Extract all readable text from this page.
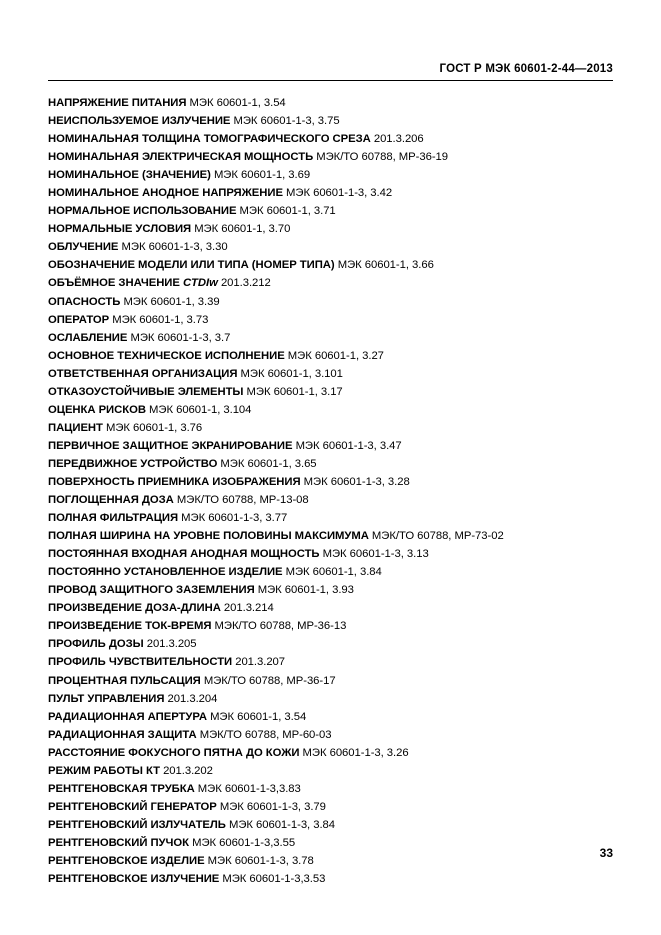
ГОСТ Р МЭК 60601-2-44—2013
НАПРЯЖЕНИЕ ПИТАНИЯ МЭК 60601-1, 3.54
НЕИСПОЛЬЗУЕМОЕ ИЗЛУЧЕНИЕ МЭК 60601-1-3, 3.75
НОМИНАЛЬНАЯ ТОЛЩИНА ТОМОГРАФИЧЕСКОГО СРЕЗА 201.3.206
НОМИНАЛЬНАЯ ЭЛЕКТРИЧЕСКАЯ МОЩНОСТЬ МЭК/ТО 60788, МР-36-19
НОМИНАЛЬНОЕ (ЗНАЧЕНИЕ) МЭК 60601-1, 3.69
НОМИНАЛЬНОЕ АНОДНОЕ НАПРЯЖЕНИЕ МЭК 60601-1-3, 3.42
НОРМАЛЬНОЕ ИСПОЛЬЗОВАНИЕ МЭК 60601-1, 3.71
НОРМАЛЬНЫЕ УСЛОВИЯ МЭК 60601-1, 3.70
ОБЛУЧЕНИЕ МЭК 60601-1-3, 3.30
ОБОЗНАЧЕНИЕ МОДЕЛИ ИЛИ ТИПА (НОМЕР ТИПА) МЭК 60601-1, 3.66
ОБЪЁМНОЕ ЗНАЧЕНИЕ CTDIw 201.3.212
ОПАСНОСТЬ МЭК 60601-1, 3.39
ОПЕРАТОР МЭК 60601-1, 3.73
ОСЛАБЛЕНИЕ МЭК 60601-1-3, 3.7
ОСНОВНОЕ ТЕХНИЧЕСКОЕ ИСПОЛНЕНИЕ МЭК 60601-1, 3.27
ОТВЕТСТВЕННАЯ ОРГАНИЗАЦИЯ МЭК 60601-1, 3.101
ОТКАЗОУСТОЙЧИВЫЕ ЭЛЕМЕНТЫ МЭК 60601-1, 3.17
ОЦЕНКА РИСКОВ МЭК 60601-1, 3.104
ПАЦИЕНТ МЭК 60601-1, 3.76
ПЕРВИЧНОЕ ЗАЩИТНОЕ ЭКРАНИРОВАНИЕ МЭК 60601-1-3, 3.47
ПЕРЕДВИЖНОЕ УСТРОЙСТВО МЭК 60601-1, 3.65
ПОВЕРХНОСТЬ ПРИЕМНИКА ИЗОБРАЖЕНИЯ МЭК 60601-1-3, 3.28
ПОГЛОЩЕННАЯ ДОЗА МЭК/ТО 60788, МР-13-08
ПОЛНАЯ ФИЛЬТРАЦИЯ МЭК 60601-1-3, 3.77
ПОЛНАЯ ШИРИНА НА УРОВНЕ ПОЛОВИНЫ МАКСИМУМА МЭК/ТО 60788, МР-73-02
ПОСТОЯННАЯ ВХОДНАЯ АНОДНАЯ МОЩНОСТЬ МЭК 60601-1-3, 3.13
ПОСТОЯННО УСТАНОВЛЕННОЕ ИЗДЕЛИЕ МЭК 60601-1, 3.84
ПРОВОД ЗАЩИТНОГО ЗАЗЕМЛЕНИЯ МЭК 60601-1, 3.93
ПРОИЗВЕДЕНИЕ ДОЗА-ДЛИНА 201.3.214
ПРОИЗВЕДЕНИЕ ТОК-ВРЕМЯ МЭК/ТО 60788, МР-36-13
ПРОФИЛЬ ДОЗЫ 201.3.205
ПРОФИЛЬ ЧУВСТВИТЕЛЬНОСТИ 201.3.207
ПРОЦЕНТНАЯ ПУЛЬСАЦИЯ МЭК/ТО 60788, МР-36-17
ПУЛЬТ УПРАВЛЕНИЯ 201.3.204
РАДИАЦИОННАЯ АПЕРТУРА МЭК 60601-1, 3.54
РАДИАЦИОННАЯ ЗАЩИТА МЭК/ТО 60788, МР-60-03
РАССТОЯНИЕ ФОКУСНОГО ПЯТНА ДО КОЖИ МЭК 60601-1-3, 3.26
РЕЖИМ РАБОТЫ КТ 201.3.202
РЕНТГЕНОВСКАЯ ТРУБКА МЭК 60601-1-3,3.83
РЕНТГЕНОВСКИЙ ГЕНЕРАТОР МЭК 60601-1-3, 3.79
РЕНТГЕНОВСКИЙ ИЗЛУЧАТЕЛЬ МЭК 60601-1-3, 3.84
РЕНТГЕНОВСКИЙ ПУЧОК МЭК 60601-1-3,3.55
РЕНТГЕНОВСКОЕ ИЗДЕЛИЕ МЭК 60601-1-3, 3.78
РЕНТГЕНОВСКОЕ ИЗЛУЧЕНИЕ МЭК 60601-1-3,3.53
33
